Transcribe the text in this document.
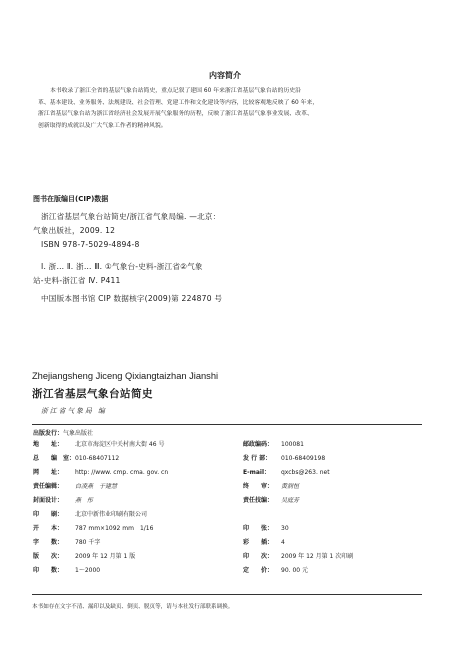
内容简介
本书收录了浙江全省的基层气象台站简史，重点记叙了建国 60 年来浙江省基层气象台站的历史沿
革、基本建设、业务服务、法规建设、社会管理、党建工作和文化建设等内容，比较客观地反映了 60 年来，
浙江省基层气象台站为浙江省经济社会发展开展气象服务的历程，反映了浙江省基层气象事业发展、改革、
创新取得的成就以及广大气象工作者的精神风貌。
图书在版编目(CIP)数据
浙江省基层气象台站简史/浙江省气象局编. —北京：
气象出版社，2009. 12
ISBN 978-7-5029-4894-8
Ⅰ. 浙… Ⅱ. 浙… Ⅲ. ①气象台-史料-浙江省②气象
站-史料-浙江省 Ⅳ. P411
中国版本图书馆 CIP 数据核字(2009)第 224870 号
Zhejiangsheng Jiceng Qixiangtaizhan Jianshi
浙江省基层气象台站简史
浙江省气象局 编
出版发行：气象出版社
地　　址： 北京市海淀区中关村南大街 46 号	邮政编码： 100081
总　　编　室：010-68407112	发 行 部： 010-68409198
网　　址： http: //www. cmp. cma. gov. cn	E-mail： qxcbs@263. net
责任编辑： 白凌燕　于建慧	终　　审： 黄润恒
封面设计： 燕　彤	责任技编： 吴庭芳
印　　刷： 北京中新伟业印刷有限公司
开　　本： 787 mm×1092 mm　1/16	印　　张： 30
字　　数： 780 千字	彩　　插： 4
版　　次： 2009 年 12 月第 1 版	印　　次： 2009 年 12 月第 1 次印刷
印　　数： 1～2000	定　　价： 90. 00 元
本书如存在文字不清、漏印以及缺页、倒页、脱页等，请与本社发行部联系调换。
